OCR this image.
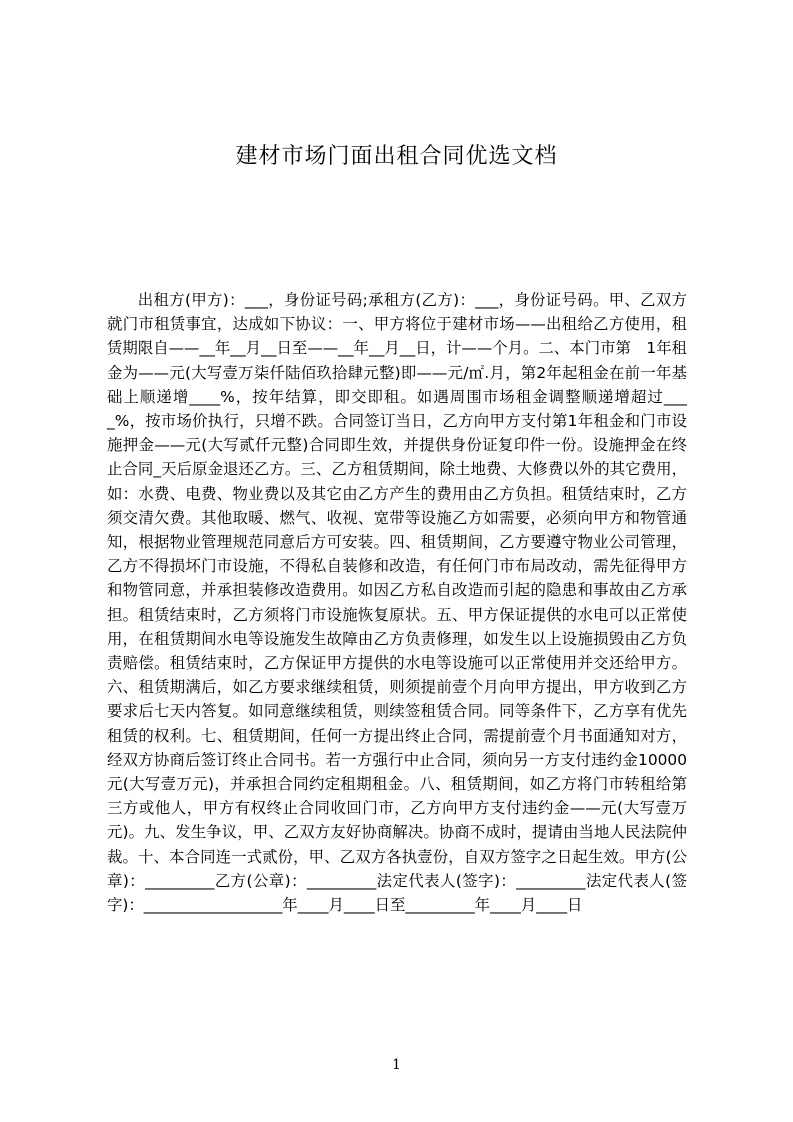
建材市场门面出租合同优选文档

出租方(甲方)：___，身份证号码;承租方(乙方)：___，身份证号码。甲、乙双方就门市租赁事宜，达成如下协议：一、甲方将位于建材市场——出租给乙方使用，租赁期限自——__年__月__日至——__年__月__日，计——个月。二、本门市第　1年租金为——元(大写壹万柒仟陆佰玖拾肆元整)即——元/㎡.月，第2年起租金在前一年基础上顺递增____%，按年结算，即交即租。如遇周围市场租金调整顺递增超过____%，按市场价执行，只增不跌。合同签订当日，乙方向甲方支付第1年租金和门市设施押金——元(大写贰仟元整)合同即生效，并提供身份证复印件一份。设施押金在终止合同_天后原金退还乙方。三、乙方租赁期间，除土地费、大修费以外的其它费用，如：水费、电费、物业费以及其它由乙方产生的费用由乙方负担。租赁结束时，乙方须交清欠费。其他取暖、燃气、收视、宽带等设施乙方如需要，必须向甲方和物管通知，根据物业管理规范同意后方可安装。四、租赁期间，乙方要遵守物业公司管理，乙方不得损坏门市设施，不得私自装修和改造，有任何门市布局改动，需先征得甲方和物管同意，并承担装修改造费用。如因乙方私自改造而引起的隐患和事故由乙方承担。租赁结束时，乙方须将门市设施恢复原状。五、甲方保证提供的水电可以正常使用，在租赁期间水电等设施发生故障由乙方负责修理，如发生以上设施损毁由乙方负责赔偿。租赁结束时，乙方保证甲方提供的水电等设施可以正常使用并交还给甲方。六、租赁期满后，如乙方要求继续租赁，则须提前壹个月向甲方提出，甲方收到乙方要求后七天内答复。如同意继续租赁，则续签租赁合同。同等条件下，乙方享有优先租赁的权利。七、租赁期间，任何一方提出终止合同，需提前壹个月书面通知对方，经双方协商后签订终止合同书。若一方强行中止合同，须向另一方支付违约金10000元(大写壹万元)，并承担合同约定租期租金。八、租赁期间，如乙方将门市转租给第三方或他人，甲方有权终止合同收回门市，乙方向甲方支付违约金——元(大写壹万元)。九、发生争议，甲、乙双方友好协商解决。协商不成时，提请由当地人民法院仲裁。十、本合同连一式贰份，甲、乙双方各执壹份，自双方签字之日起生效。甲方(公章)：_________乙方(公章)：_________法定代表人(签字)：_________法定代表人(签字)：__________________年____月____日至_________年____月____日

1
